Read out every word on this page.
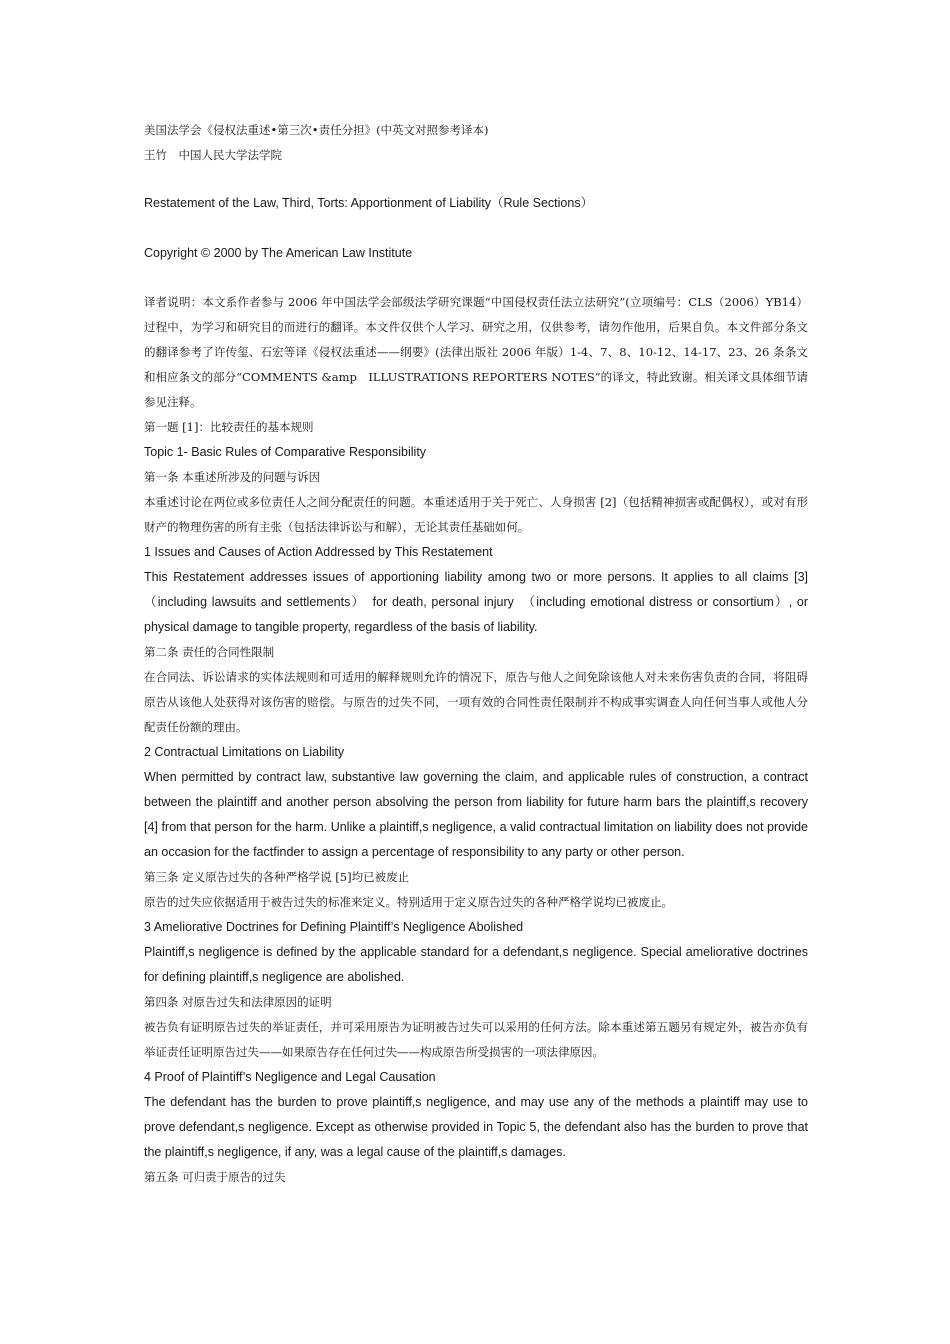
美国法学会《侵权法重述•第三次•责任分担》(中英文对照参考译本)

王竹　中国人民大学法学院

Restatement of the Law, Third, Torts: Apportionment of Liability（Rule Sections）

Copyright © 2000 by The American Law Institute

译者说明：本文系作者参与 2006 年中国法学会部级法学研究课题“中国侵权责任法立法研究”(立项编号：CLS（2006）YB14）过程中，为学习和研究目的而进行的翻译。本文件仅供个人学习、研究之用，仅供参考，请勿作他用，后果自负。本文件部分条文的翻译参考了许传玺、石宏等译《侵权法重述——纲要》(法律出版社 2006 年版）1-4、7、8、10-12、14-17、23、26 条条文和相应条文的部分“COMMENTS &amp　ILLUSTRATIONS REPORTERS NOTES”的译文，特此致谢。相关译文具体细节请参见注释。

第一题 [1]：比较责任的基本规则

Topic 1- Basic Rules of Comparative Responsibility

第一条 本重述所涉及的问题与诉因

本重述讨论在两位或多位责任人之间分配责任的问题。本重述适用于关于死亡、人身损害 [2]（包括精神损害或配偶权），或对有形财产的物理伤害的所有主张（包括法律诉讼与和解），无论其责任基础如何。

1 Issues and Causes of Action Addressed by This Restatement

This Restatement addresses issues of apportioning liability among two or more persons. It applies to all claims [3]　（including lawsuits and settlements）　for death, personal injury　（including emotional distress or consortium）, or physical damage to tangible property, regardless of the basis of liability.

第二条 责任的合同性限制

在合同法、诉讼请求的实体法规则和可适用的解释规则允许的情况下，原告与他人之间免除该他人对未来伤害负责的合同，将阻碍原告从该他人处获得对该伤害的赔偿。与原告的过失不同，一项有效的合同性责任限制并不构成事实调查人向任何当事人或他人分配责任份额的理由。

2 Contractual Limitations on Liability

When permitted by contract law, substantive law governing the claim, and applicable rules of construction, a contract between the plaintiff and another person absolving the person from liability for future harm bars the plaintiff,s recovery [4] from that person for the harm. Unlike a plaintiff,s negligence, a valid contractual limitation on liability does not provide an occasion for the factfinder to assign a percentage of responsibility to any party or other person.

第三条 定义原告过失的各种严格学说 [5]均已被废止

原告的过失应依据适用于被告过失的标准来定义。特别适用于定义原告过失的各种严格学说均已被废止。

3 Ameliorative Doctrines for Defining Plaintiff’s Negligence Abolished

Plaintiff,s negligence is defined by the applicable standard for a defendant,s negligence. Special ameliorative doctrines for defining plaintiff,s negligence are abolished.

第四条 对原告过失和法律原因的证明

被告负有证明原告过失的举证责任，并可采用原告为证明被告过失可以采用的任何方法。除本重述第五题另有规定外，被告亦负有举证责任证明原告过失——如果原告存在任何过失——构成原告所受损害的一项法律原因。

4 Proof of Plaintiff’s Negligence and Legal Causation

The defendant has the burden to prove plaintiff,s negligence, and may use any of the methods a plaintiff may use to prove defendant,s negligence. Except as otherwise provided in Topic 5, the defendant also has the burden to prove that the plaintiff,s negligence, if any, was a legal cause of the plaintiff,s damages.

第五条 可归责于原告的过失
